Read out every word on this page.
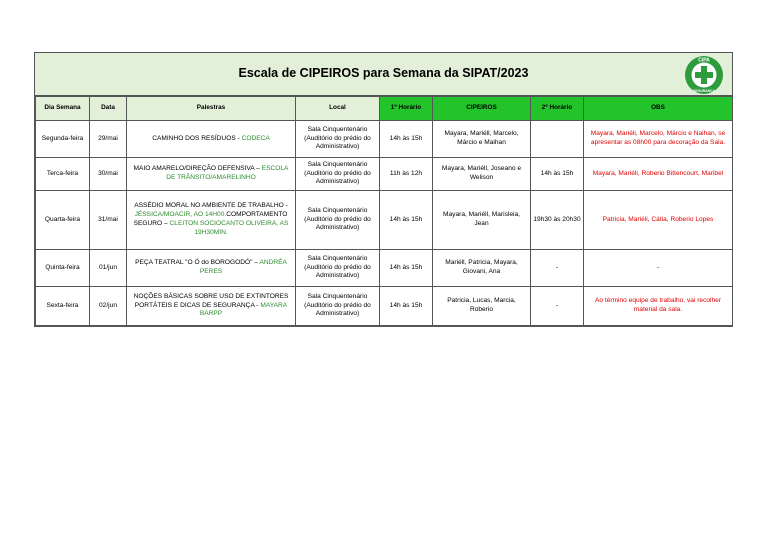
Escala de CIPEIROS para Semana da SIPAT/2023
CIPA
SEGURANÇA
Dia Semana	Data	Palestras	Local	1º Horário	CIPEIROS	2º Horário	OBS
Segunda-feira	29/mai	CAMINHO DOS RESÍDUOS - CODECA	Sala Cinquentenário (Auditório do prédio do Administrativo)	14h às 15h	Mayara, Mariéll, Marcelo, Márcio e Maihan		Mayara, Mariéli, Marcelo, Márcio e Naihan, se apresentar as 08h00 para decoração da Sala.
Terca-feira	30/mai	MAIO AMARELO/DIREÇÃO DEFENSIVA – ESCOLA DE TRÂNSITO/AMARELINHO	Sala Cinquentenário (Auditório do prédio do Administrativo)	11h às 12h	Mayara, Mariéll, Joseano e Welison	14h às 15h	Mayara, Mariéli, Roberio Bittencourt, Maribel
Quarta-feira	31/mai	ASSÉDIO MORAL NO AMBIENTE DE TRABALHO - JÉSSICA/MOACIR, AO 14H00.COMPORTAMENTO SEGURO – CLEITON SOCIOCANTO OLIVEIRA, AS 19H30MIN.	Sala Cinquentenário (Auditório do prédio do Administrativo)	14h às 15h	Mayara, Mariéll, Marisleia, Jean	19h30 às 20h30	Patricia, Mariéli, Cátia, Roberio Lopes
Quinta-feira	01/jun	PEÇA TEATRAL "O Ó do BOROGODÓ" – ANDRÉA PERES	Sala Cinquentenário (Auditório do prédio do Administrativo)	14h às 15h	Mariéll, Patricia, Mayara, Giovani, Ana	-	-
Sexta-feira	02/jun	NOÇÕES BÁSICAS SOBRE USO DE EXTINTORES PORTÁTEIS E DICAS DE SEGURANÇA - MAYARA BARPP	Sala Cinquentenário (Auditório do prédio do Administrativo)	14h às 15h	Patricia, Lucas, Marcia, Roberio	-	Ao término equipe de trabalho, vai recolher material da sala.
